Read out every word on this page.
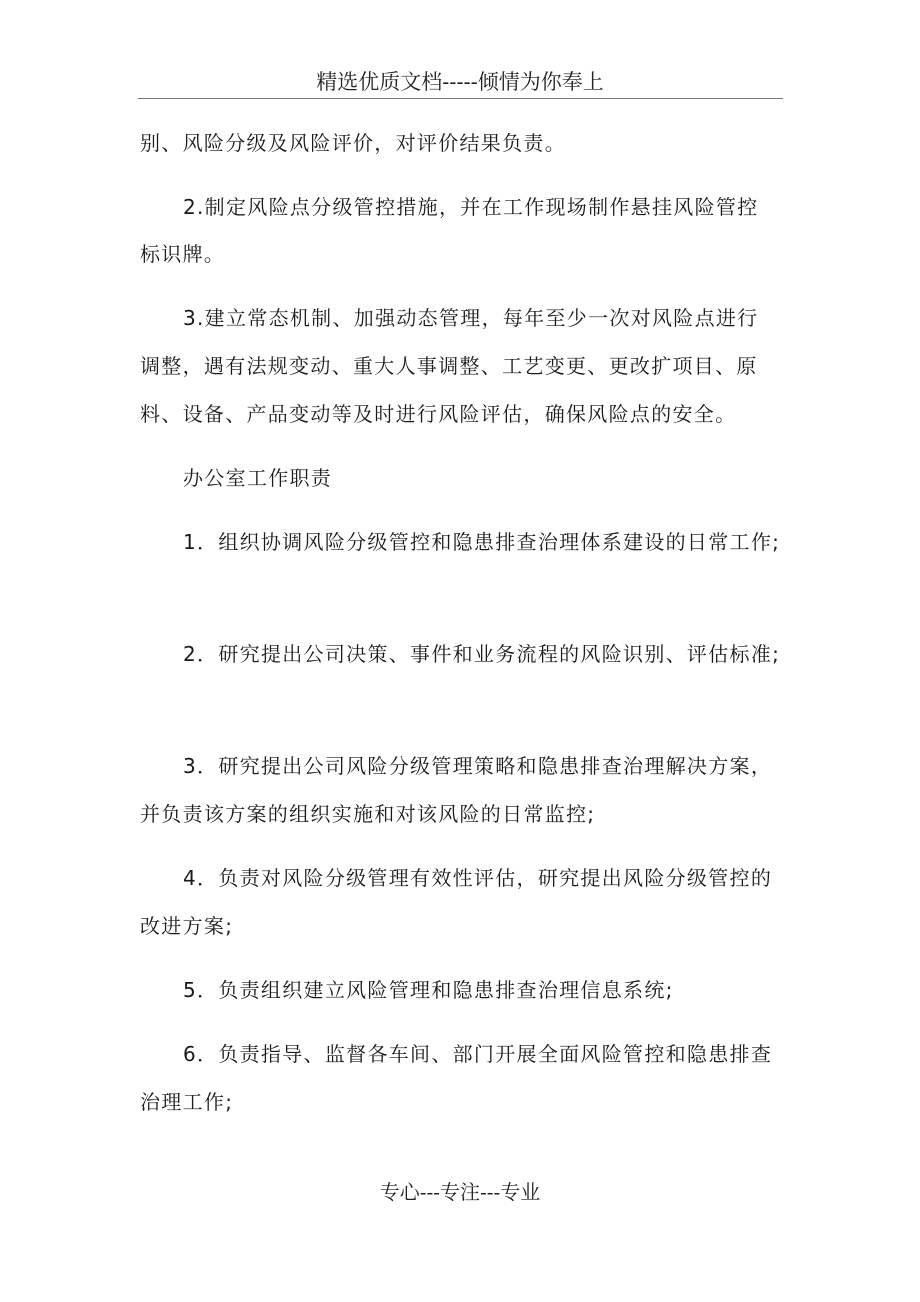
精选优质文档-----倾情为你奉上
别、风险分级及风险评价，对评价结果负责。
2.制定风险点分级管控措施，并在工作现场制作悬挂风险管控
标识牌。
3.建立常态机制、加强动态管理，每年至少一次对风险点进行
调整，遇有法规变动、重大人事调整、工艺变更、更改扩项目、原
料、设备、产品变动等及时进行风险评估，确保风险点的安全。
办公室工作职责
1．组织协调风险分级管控和隐患排查治理体系建设的日常工作;
2．研究提出公司决策、事件和业务流程的风险识别、评估标准;
3．研究提出公司风险分级管理策略和隐患排查治理解决方案，
并负责该方案的组织实施和对该风险的日常监控;
4．负责对风险分级管理有效性评估，研究提出风险分级管控的
改进方案;
5．负责组织建立风险管理和隐患排查治理信息系统;
6．负责指导、监督各车间、部门开展全面风险管控和隐患排查
治理工作;
专心---专注---专业
